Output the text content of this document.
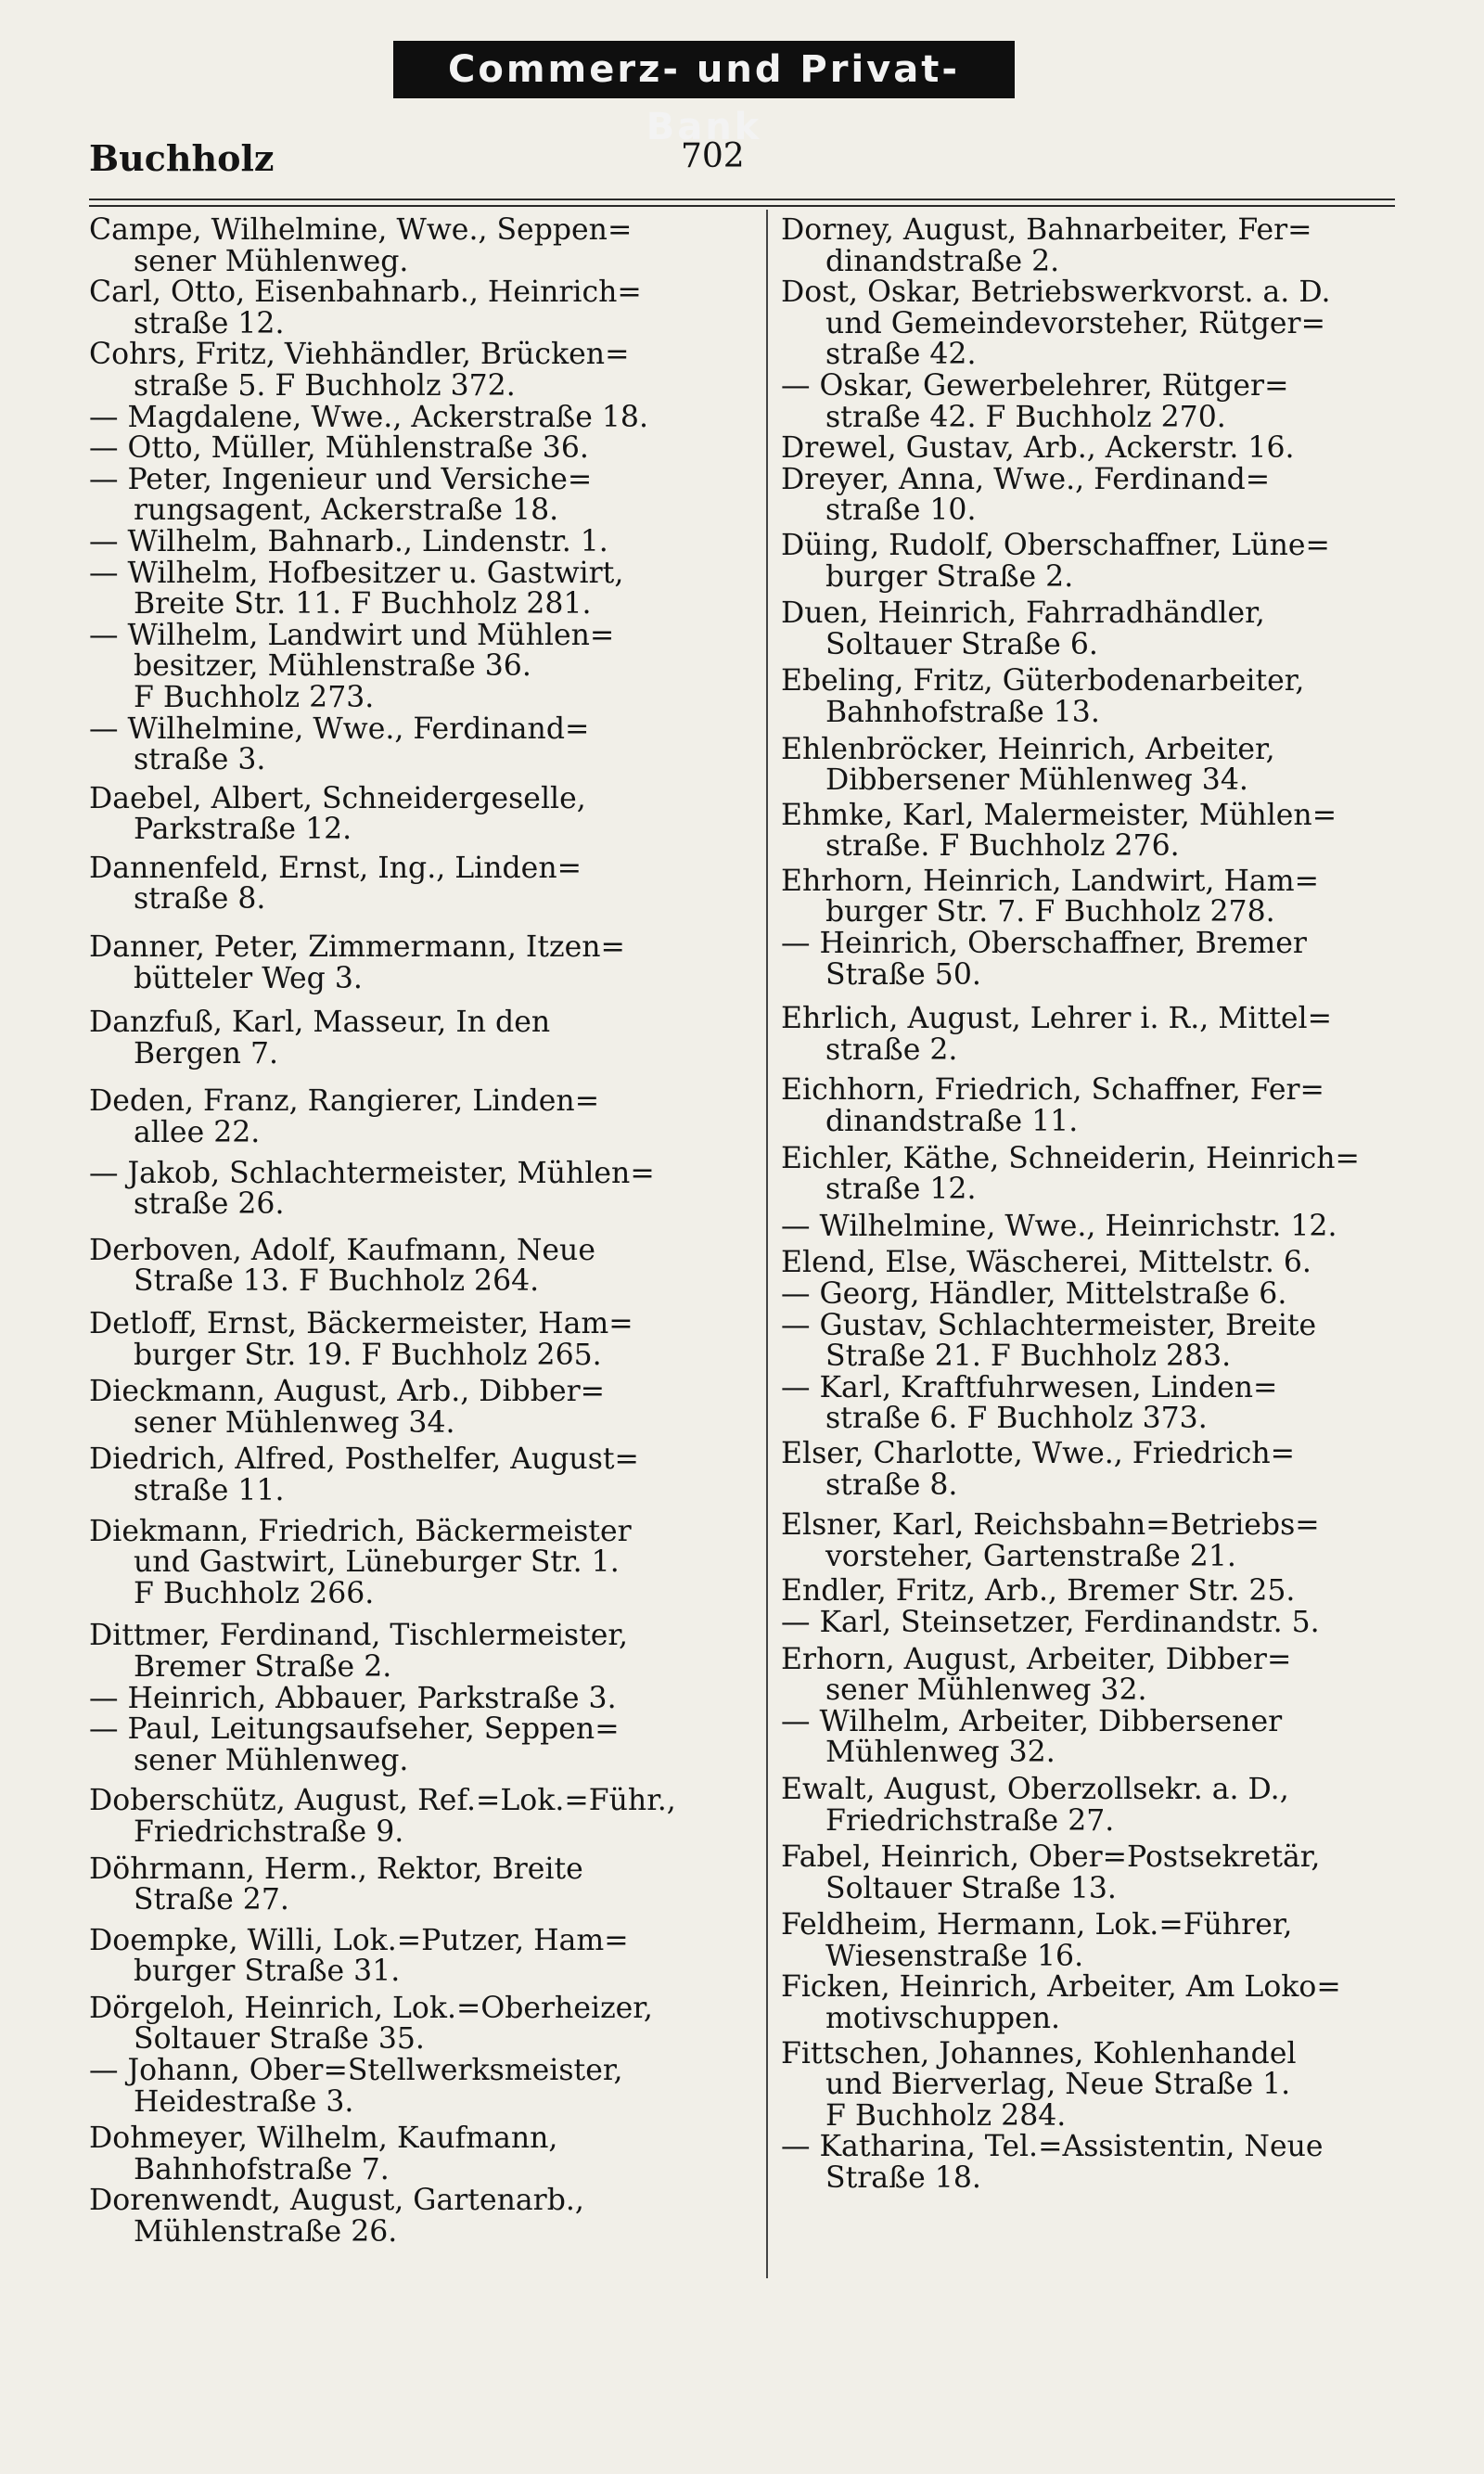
Commerz- und Privat-Bank
Buchholz	702

Campe, Wilhelmine, Wwe., Seppen=
sener Mühlenweg.

Carl, Otto, Eisenbahnarb., Heinrich=
straße 12.

Cohrs, Fritz, Viehhändler, Brücken=
straße 5. F Buchholz 372.

— Magdalene, Wwe., Ackerstraße 18.

— Otto, Müller, Mühlenstraße 36.

— Peter, Ingenieur und Versiche=
rungsagent, Ackerstraße 18.

— Wilhelm, Bahnarb., Lindenstr. 1.

— Wilhelm, Hofbesitzer u. Gastwirt,
Breite Str. 11. F Buchholz 281.

— Wilhelm, Landwirt und Mühlen=
besitzer, Mühlenstraße 36.
F Buchholz 273.

— Wilhelmine, Wwe., Ferdinand=
straße 3.

Daebel, Albert, Schneidergeselle,
Parkstraße 12.

Dannenfeld, Ernst, Ing., Linden=
straße 8.

Danner, Peter, Zimmermann, Itzen=
bütteler Weg 3.

Danzfuß, Karl, Masseur, In den
Bergen 7.

Deden, Franz, Rangierer, Linden=
allee 22.

— Jakob, Schlachtermeister, Mühlen=
straße 26.

Derboven, Adolf, Kaufmann, Neue
Straße 13. F Buchholz 264.

Detloff, Ernst, Bäckermeister, Ham=
burger Str. 19. F Buchholz 265.

Dieckmann, August, Arb., Dibber=
sener Mühlenweg 34.

Diedrich, Alfred, Posthelfer, August=
straße 11.

Diekmann, Friedrich, Bäckermeister
und Gastwirt, Lüneburger Str. 1.
F Buchholz 266.

Dittmer, Ferdinand, Tischlermeister,
Bremer Straße 2.

— Heinrich, Abbauer, Parkstraße 3.

— Paul, Leitungsaufseher, Seppen=
sener Mühlenweg.

Doberschütz, August, Ref.=Lok.=Führ.,
Friedrichstraße 9.

Döhrmann, Herm., Rektor, Breite
Straße 27.

Doempke, Willi, Lok.=Putzer, Ham=
burger Straße 31.

Dörgeloh, Heinrich, Lok.=Oberheizer,
Soltauer Straße 35.

— Johann, Ober=Stellwerksmeister,
Heidestraße 3.

Dohmeyer, Wilhelm, Kaufmann,
Bahnhofstraße 7.

Dorenwendt, August, Gartenarb.,
Mühlenstraße 26.

Dorney, August, Bahnarbeiter, Fer=
dinandstraße 2.

Dost, Oskar, Betriebswerkvorst. a. D.
und Gemeindevorsteher, Rütger=
straße 42.

— Oskar, Gewerbelehrer, Rütger=
straße 42. F Buchholz 270.

Drewel, Gustav, Arb., Ackerstr. 16.

Dreyer, Anna, Wwe., Ferdinand=
straße 10.

Düing, Rudolf, Oberschaffner, Lüne=
burger Straße 2.

Duen, Heinrich, Fahrradhändler,
Soltauer Straße 6.

Ebeling, Fritz, Güterbodenarbeiter,
Bahnhofstraße 13.

Ehlenbröcker, Heinrich, Arbeiter,
Dibbersener Mühlenweg 34.

Ehmke, Karl, Malermeister, Mühlen=
straße. F Buchholz 276.

Ehrhorn, Heinrich, Landwirt, Ham=
burger Str. 7. F Buchholz 278.

— Heinrich, Oberschaffner, Bremer
Straße 50.

Ehrlich, August, Lehrer i. R., Mittel=
straße 2.

Eichhorn, Friedrich, Schaffner, Fer=
dinandstraße 11.

Eichler, Käthe, Schneiderin, Heinrich=
straße 12.

— Wilhelmine, Wwe., Heinrichstr. 12.

Elend, Else, Wäscherei, Mittelstr. 6.

— Georg, Händler, Mittelstraße 6.

— Gustav, Schlachtermeister, Breite
Straße 21. F Buchholz 283.

— Karl, Kraftfuhrwesen, Linden=
straße 6. F Buchholz 373.

Elser, Charlotte, Wwe., Friedrich=
straße 8.

Elsner, Karl, Reichsbahn=Betriebs=
vorsteher, Gartenstraße 21.

Endler, Fritz, Arb., Bremer Str. 25.

— Karl, Steinsetzer, Ferdinandstr. 5.

Erhorn, August, Arbeiter, Dibber=
sener Mühlenweg 32.

— Wilhelm, Arbeiter, Dibbersener
Mühlenweg 32.

Ewalt, August, Oberzollsekr. a. D.,
Friedrichstraße 27.

Fabel, Heinrich, Ober=Postsekretär,
Soltauer Straße 13.

Feldheim, Hermann, Lok.=Führer,
Wiesenstraße 16.

Ficken, Heinrich, Arbeiter, Am Loko=
motivschuppen.

Fittschen, Johannes, Kohlenhandel
und Bierverlag, Neue Straße 1.
F Buchholz 284.

— Katharina, Tel.=Assistentin, Neue
Straße 18.
